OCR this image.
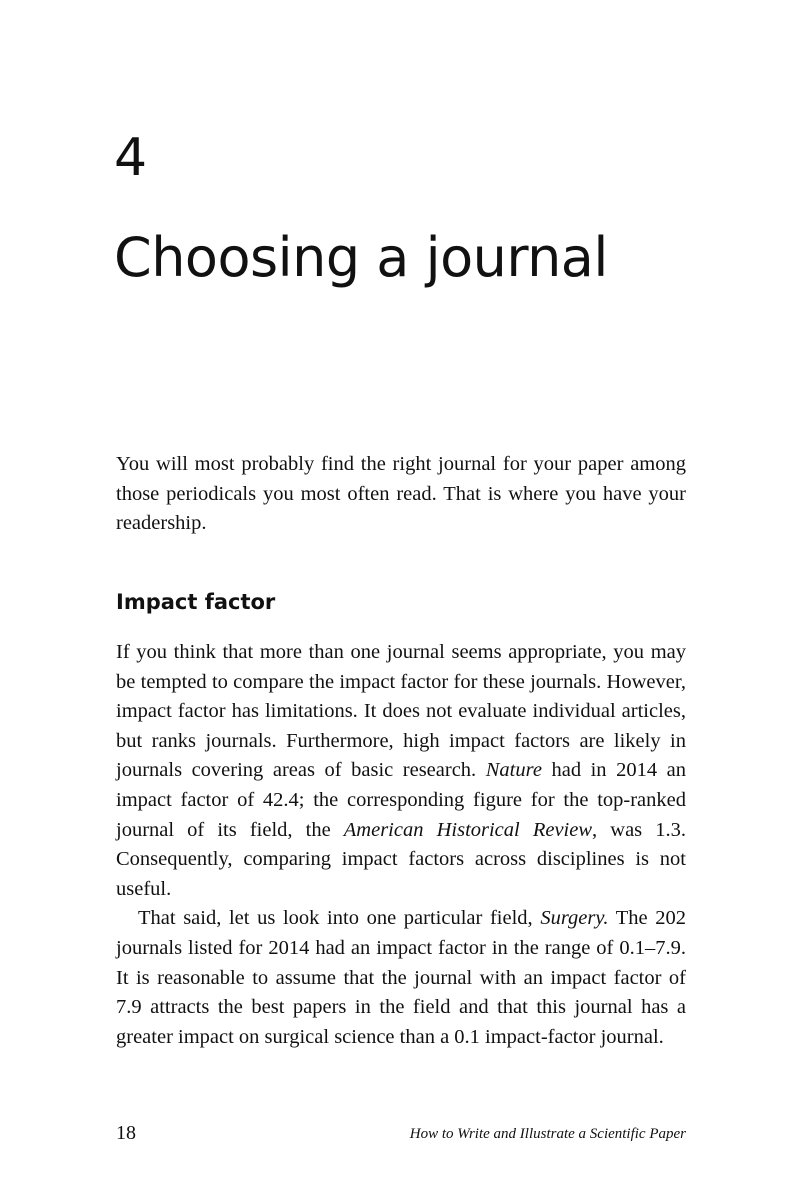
4
Choosing a journal

You will most probably find the right journal for your paper among those periodicals you most often read. That is where you have your readership.

Impact factor

If you think that more than one journal seems appropriate, you may be tempted to compare the impact factor for these journals. However, impact factor has limitations. It does not evaluate individual articles, but ranks journals. Furthermore, high impact factors are likely in journals covering areas of basic research. Nature had in 2014 an impact factor of 42.4; the corresponding figure for the top-ranked journal of its field, the American Historical Review, was 1.3. Consequently, comparing impact factors across disciplines is not useful.

That said, let us look into one particular field, Surgery. The 202 journals listed for 2014 had an impact factor in the range of 0.1–7.9. It is reasonable to assume that the journal with an impact factor of 7.9 attracts the best papers in the field and that this journal has a greater impact on surgical science than a 0.1 impact-factor journal.

18	How to Write and Illustrate a Scientific Paper
